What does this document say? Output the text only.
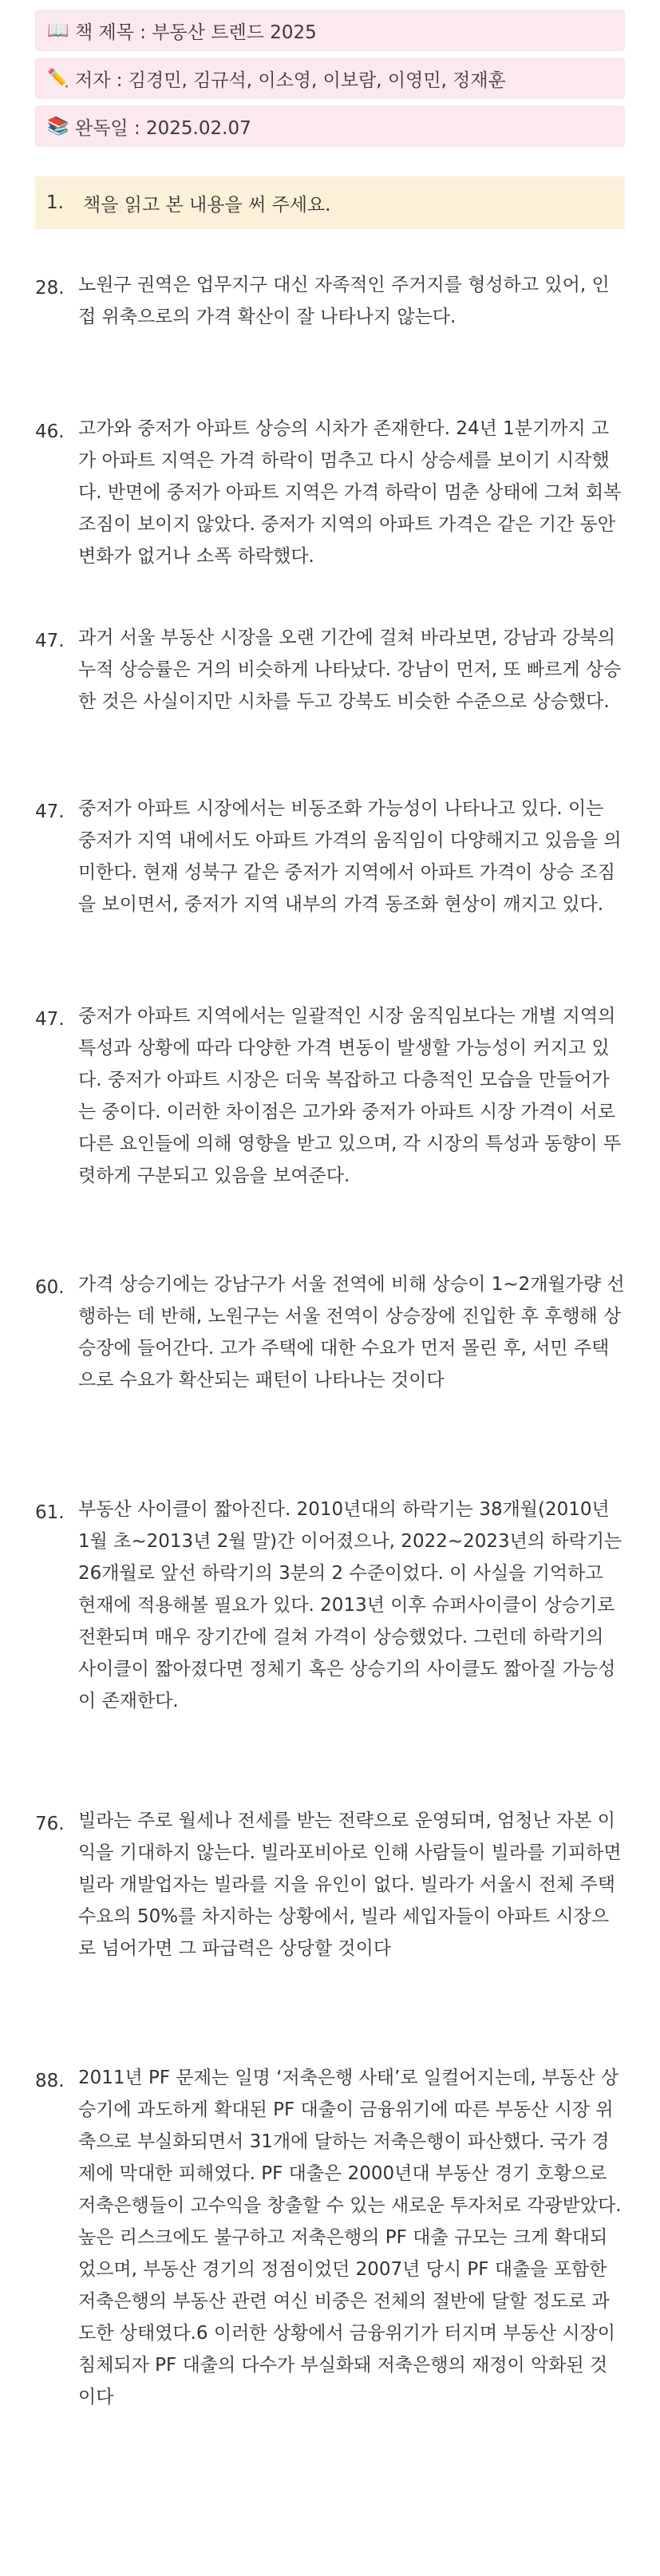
📖 책 제목 : 부동산 트렌드 2025
✏️ 저자 : 김경민, 김규석, 이소영, 이보람, 이영민, 정재훈
📚 완독일 : 2025.02.07
1.	책을 읽고 본 내용을 써 주세요.
28. 노원구 권역은 업무지구 대신 자족적인 주거지를 형성하고 있어, 인접 위축으로의 가격 확산이 잘 나타나지 않는다.
46. 고가와 중저가 아파트 상승의 시차가 존재한다. 24년 1분기까지 고가 아파트 지역은 가격 하락이 멈추고 다시 상승세를 보이기 시작했다. 반면에 중저가 아파트 지역은 가격 하락이 멈춘 상태에 그쳐 회복 조짐이 보이지 않았다. 중저가 지역의 아파트 가격은 같은 기간 동안 변화가 없거나 소폭 하락했다.
47. 과거 서울 부동산 시장을 오랜 기간에 걸쳐 바라보면, 강남과 강북의 누적 상승률은 거의 비슷하게 나타났다. 강남이 먼저, 또 빠르게 상승한 것은 사실이지만 시차를 두고 강북도 비슷한 수준으로 상승했다.
47. 중저가 아파트 시장에서는 비동조화 가능성이 나타나고 있다. 이는 중저가 지역 내에서도 아파트 가격의 움직임이 다양해지고 있음을 의미한다. 현재 성북구 같은 중저가 지역에서 아파트 가격이 상승 조짐을 보이면서, 중저가 지역 내부의 가격 동조화 현상이 깨지고 있다.
47. 중저가 아파트 지역에서는 일괄적인 시장 움직임보다는 개별 지역의 특성과 상황에 따라 다양한 가격 변동이 발생할 가능성이 커지고 있다. 중저가 아파트 시장은 더욱 복잡하고 다층적인 모습을 만들어가는 중이다. 이러한 차이점은 고가와 중저가 아파트 시장 가격이 서로 다른 요인들에 의해 영향을 받고 있으며, 각 시장의 특성과 동향이 뚜렷하게 구분되고 있음을 보여준다.
60. 가격 상승기에는 강남구가 서울 전역에 비해 상승이 1~2개월가량 선행하는 데 반해, 노원구는 서울 전역이 상승장에 진입한 후 후행해 상승장에 들어간다. 고가 주택에 대한 수요가 먼저 몰린 후, 서민 주택으로 수요가 확산되는 패턴이 나타나는 것이다
61. 부동산 사이클이 짧아진다. 2010년대의 하락기는 38개월(2010년 1월 초~2013년 2월 말)간 이어졌으나, 2022~2023년의 하락기는 26개월로 앞선 하락기의 3분의 2 수준이었다. 이 사실을 기억하고 현재에 적용해볼 필요가 있다. 2013년 이후 슈퍼사이클이 상승기로 전환되며 매우 장기간에 걸쳐 가격이 상승했었다. 그런데 하락기의 사이클이 짧아졌다면 정체기 혹은 상승기의 사이클도 짧아질 가능성이 존재한다.
76. 빌라는 주로 월세나 전세를 받는 전략으로 운영되며, 엄청난 자본 이익을 기대하지 않는다. 빌라포비아로 인해 사람들이 빌라를 기피하면 빌라 개발업자는 빌라를 지을 유인이 없다. 빌라가 서울시 전체 주택 수요의 50%를 차지하는 상황에서, 빌라 세입자들이 아파트 시장으로 넘어가면 그 파급력은 상당할 것이다
88. 2011년 PF 문제는 일명 ‘저축은행 사태’로 일컬어지는데, 부동산 상승기에 과도하게 확대된 PF 대출이 금융위기에 따른 부동산 시장 위축으로 부실화되면서 31개에 달하는 저축은행이 파산했다. 국가 경제에 막대한 피해였다. PF 대출은 2000년대 부동산 경기 호황으로 저축은행들이 고수익을 창출할 수 있는 새로운 투자처로 각광받았다. 높은 리스크에도 불구하고 저축은행의 PF 대출 규모는 크게 확대되었으며, 부동산 경기의 정점이었던 2007년 당시 PF 대출을 포함한 저축은행의 부동산 관련 여신 비중은 전체의 절반에 달할 정도로 과도한 상태였다.6 이러한 상황에서 금융위기가 터지며 부동산 시장이 침체되자 PF 대출의 다수가 부실화돼 저축은행의 재정이 악화된 것이다
